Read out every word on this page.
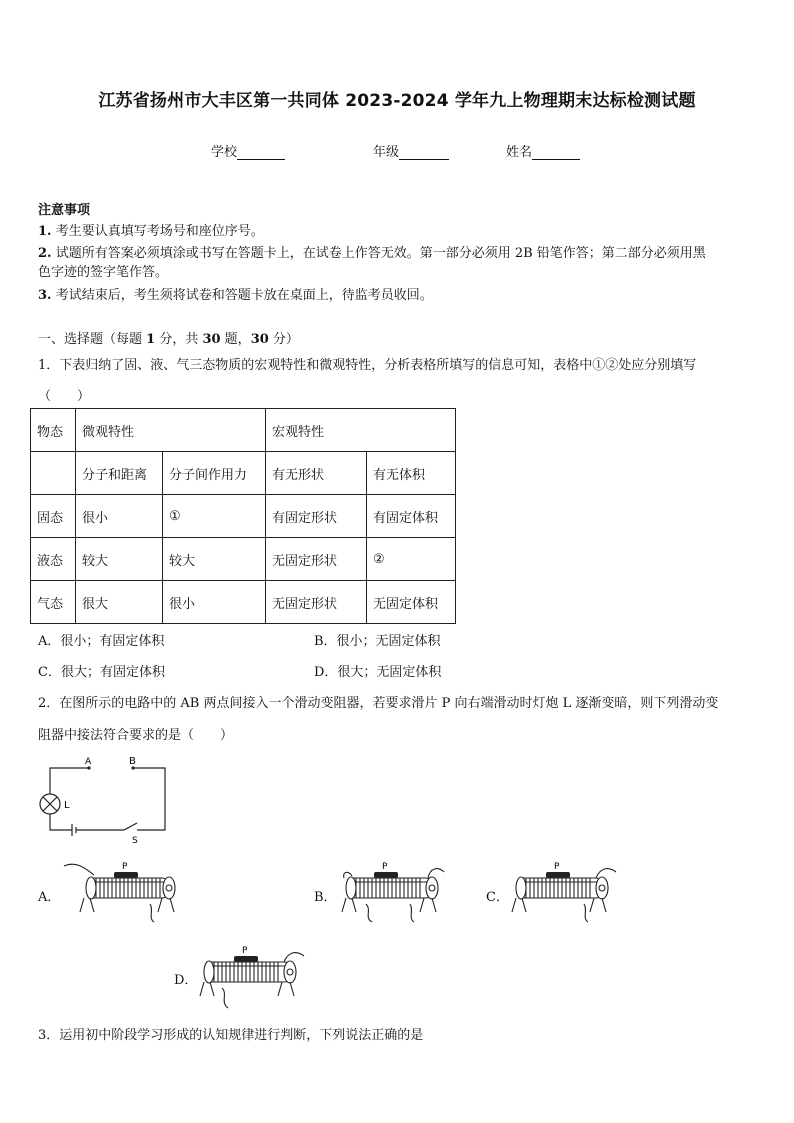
江苏省扬州市大丰区第一共同体 2023-2024 学年九上物理期末达标检测试题
学校	年级	姓名
注意事项
1. 考生要认真填写考场号和座位序号。
2. 试题所有答案必须填涂或书写在答题卡上，在试卷上作答无效。第一部分必须用 2B 铅笔作答；第二部分必须用黑
色字迹的签字笔作答。
3. 考试结束后，考生须将试卷和答题卡放在桌面上，待监考员收回。
一、选择题（每题 1 分，共 30 题，30 分）
1．下表归纳了固、液、气三态物质的宏观特性和微观特性，分析表格所填写的信息可知，表格中①②处应分别填写
（　　）
物态	微观特性		宏观特性	
	分子和距离	分子间作用力	有无形状	有无体积
固态	很小	①	有固定形状	有固定体积
液态	较大	较大	无固定形状	②
气态	很大	很小	无固定形状	无固定体积
A．很小；有固定体积	B．很小；无固定体积
C．很大；有固定体积	D．很大；无固定体积
2．在图所示的电路中的 AB 两点间接入一个滑动变阻器，若要求滑片 P 向右端滑动时灯炮 L 逐渐变暗，则下列滑动变
阻器中接法符合要求的是（　　）
A	B
L
S
A．	B．	C．
D．
P	P	P
P
3．运用初中阶段学习形成的认知规律进行判断，下列说法正确的是
